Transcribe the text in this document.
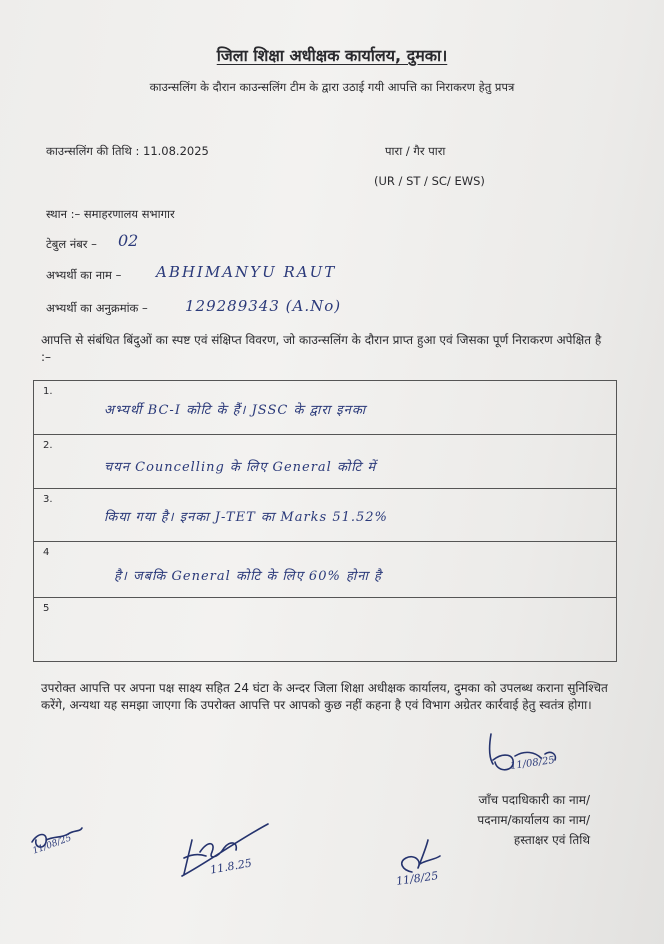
जिला शिक्षा अधीक्षक कार्यालय, दुमका।
काउन्सलिंग के दौरान काउन्सलिंग टीम के द्वारा उठाई गयी आपत्ति का निराकरण हेतु प्रपत्र
काउन्सलिंग की तिथि : 11.08.2025	पारा / गैर पारा
(UR / ST / SC/ EWS)
स्थान :– समाहरणालय सभागार
टेबुल नंबर – 02
अभ्यर्थी का नाम – ABHIMANYU RAUT
अभ्यर्थी का अनुक्रमांक – 129289343 (A.No)
आपत्ति से संबंधित बिंदुओं का स्पष्ट एवं संक्षिप्त विवरण, जो काउन्सलिंग के दौरान प्राप्त हुआ एवं जिसका पूर्ण निराकरण अपेक्षित है :–
1.
अभ्यर्थी BC-I कोटि के हैं। JSSC के द्वारा इनका
2.
चयन Councelling के लिए General कोटि में
3.
किया गया है। इनका J-TET का Marks 51.52%
4
है। जबकि General कोटि के लिए 60% होना है
5
उपरोक्त आपत्ति पर अपना पक्ष साक्ष्य सहित 24 घंटा के अन्दर जिला शिक्षा अधीक्षक कार्यालय, दुमका को उपलब्ध कराना सुनिश्चित करेंगे, अन्यथा यह समझा जाएगा कि उपरोक्त आपत्ति पर आपको कुछ नहीं कहना है एवं विभाग अग्रेतर कार्रवाई हेतु स्वतंत्र होगा।
11/08/25
जाँच पदाधिकारी का नाम/
पदनाम/कार्यालय का नाम/
हस्ताक्षर एवं तिथि
11/08/25
11.8.25
11/8/25
